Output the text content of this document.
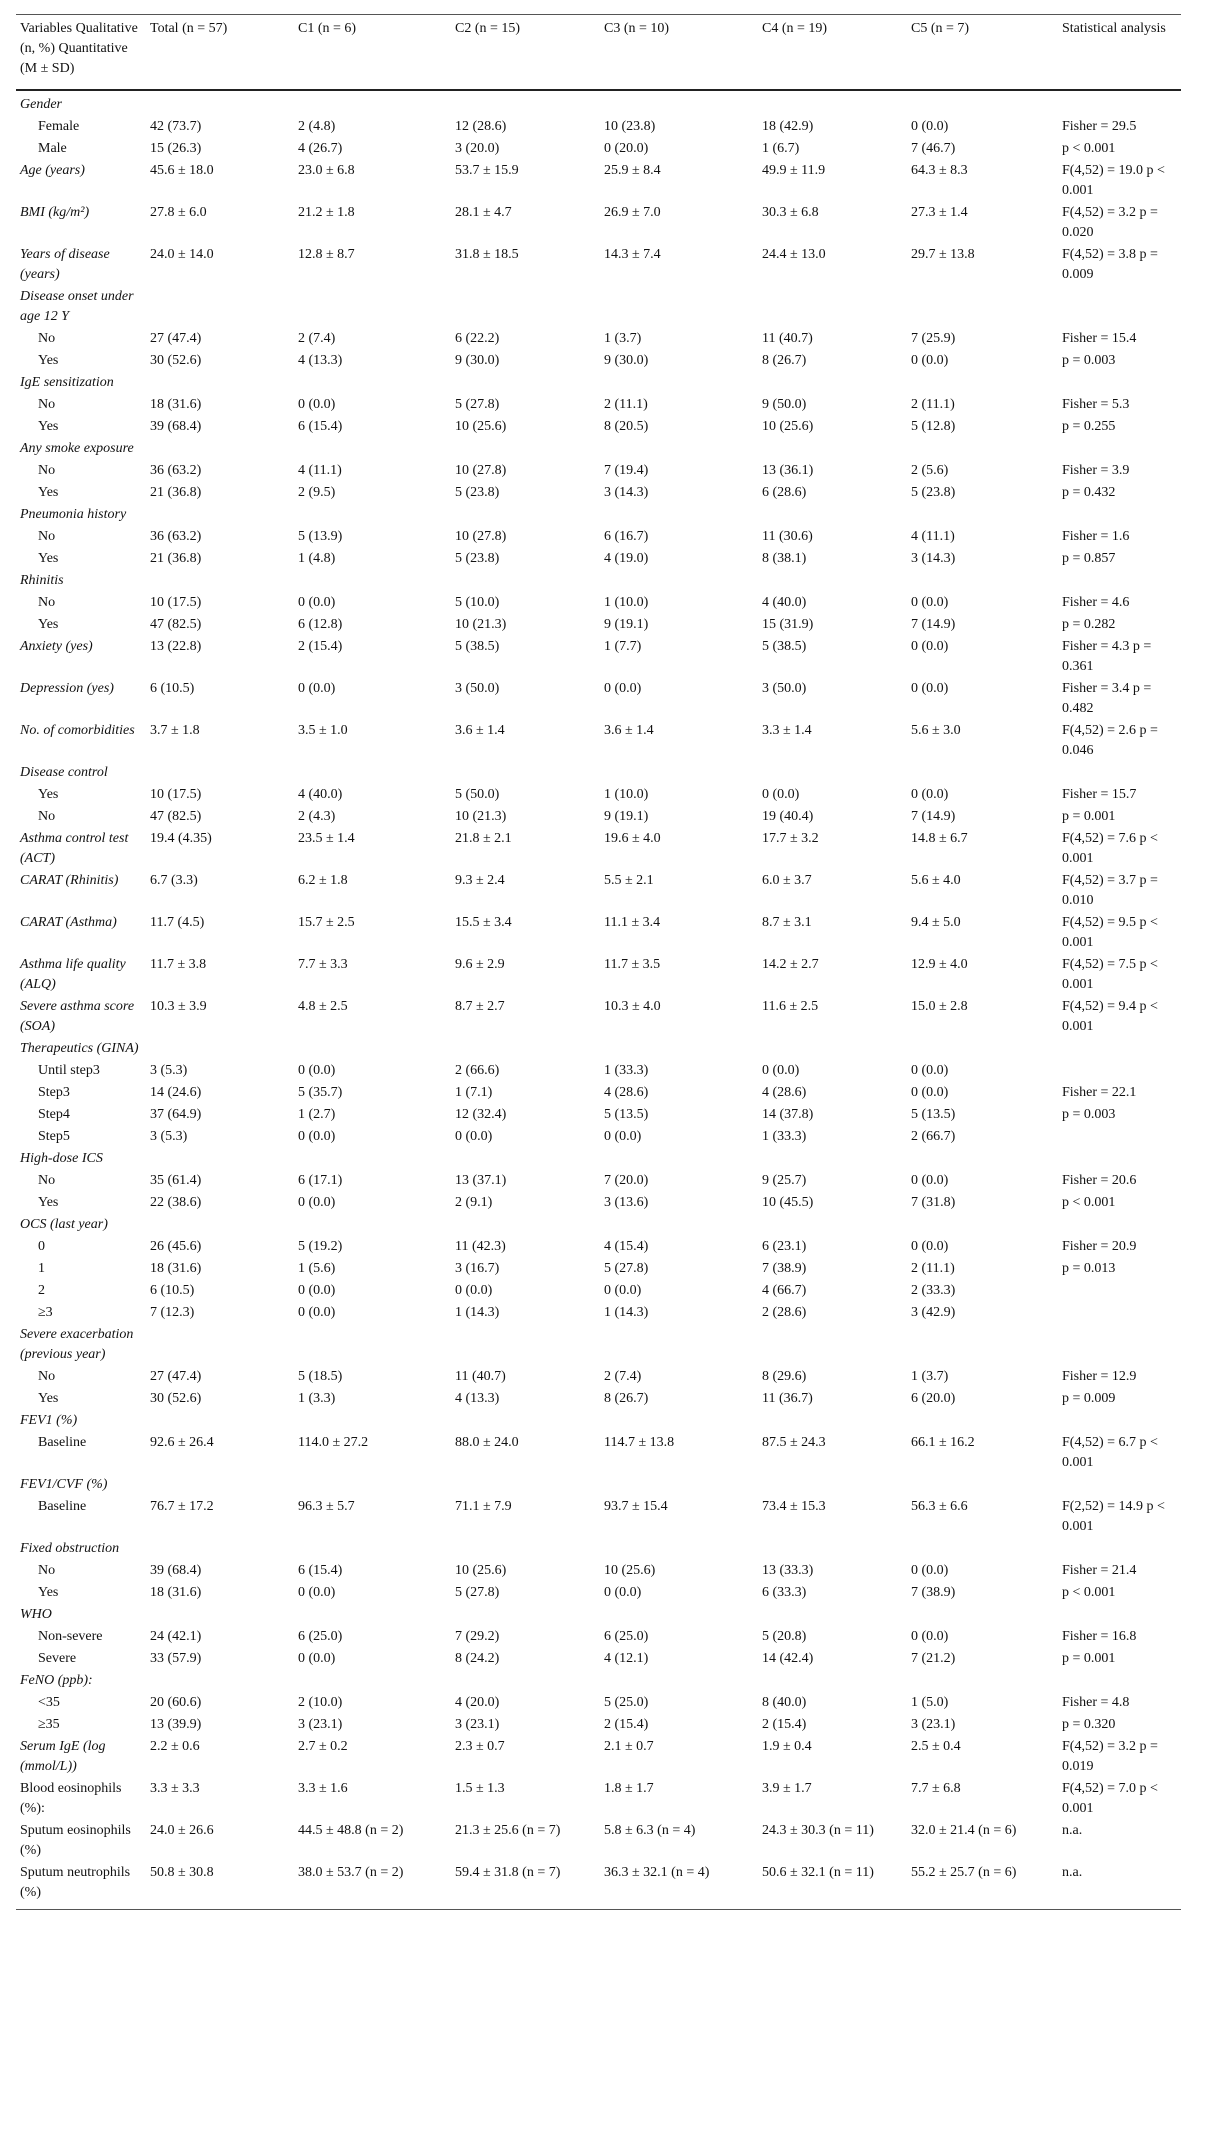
Variables Qualitative (n, %) Quantitative (M ± SD)	Total (n = 57)	C1 (n = 6)	C2 (n = 15)	C3 (n = 10)	C4 (n = 19)	C5 (n = 7)	Statistical analysis
Gender							
Female	42 (73.7)	2 (4.8)	12 (28.6)	10 (23.8)	18 (42.9)	0 (0.0)	Fisher = 29.5
Male	15 (26.3)	4 (26.7)	3 (20.0)	0 (20.0)	1 (6.7)	7 (46.7)	p < 0.001
Age (years)	45.6 ± 18.0	23.0 ± 6.8	53.7 ± 15.9	25.9 ± 8.4	49.9 ± 11.9	64.3 ± 8.3	F(4,52) = 19.0 p < 0.001
BMI (kg/m²)	27.8 ± 6.0	21.2 ± 1.8	28.1 ± 4.7	26.9 ± 7.0	30.3 ± 6.8	27.3 ± 1.4	F(4,52) = 3.2 p = 0.020
Years of disease (years)	24.0 ± 14.0	12.8 ± 8.7	31.8 ± 18.5	14.3 ± 7.4	24.4 ± 13.0	29.7 ± 13.8	F(4,52) = 3.8 p = 0.009
Disease onset under age 12 Y							
No	27 (47.4)	2 (7.4)	6 (22.2)	1 (3.7)	11 (40.7)	7 (25.9)	Fisher = 15.4
Yes	30 (52.6)	4 (13.3)	9 (30.0)	9 (30.0)	8 (26.7)	0 (0.0)	p = 0.003
IgE sensitization							
No	18 (31.6)	0 (0.0)	5 (27.8)	2 (11.1)	9 (50.0)	2 (11.1)	Fisher = 5.3
Yes	39 (68.4)	6 (15.4)	10 (25.6)	8 (20.5)	10 (25.6)	5 (12.8)	p = 0.255
Any smoke exposure							
No	36 (63.2)	4 (11.1)	10 (27.8)	7 (19.4)	13 (36.1)	2 (5.6)	Fisher = 3.9
Yes	21 (36.8)	2 (9.5)	5 (23.8)	3 (14.3)	6 (28.6)	5 (23.8)	p = 0.432
Pneumonia history							
No	36 (63.2)	5 (13.9)	10 (27.8)	6 (16.7)	11 (30.6)	4 (11.1)	Fisher = 1.6
Yes	21 (36.8)	1 (4.8)	5 (23.8)	4 (19.0)	8 (38.1)	3 (14.3)	p = 0.857
Rhinitis							
No	10 (17.5)	0 (0.0)	5 (10.0)	1 (10.0)	4 (40.0)	0 (0.0)	Fisher = 4.6
Yes	47 (82.5)	6 (12.8)	10 (21.3)	9 (19.1)	15 (31.9)	7 (14.9)	p = 0.282
Anxiety (yes)	13 (22.8)	2 (15.4)	5 (38.5)	1 (7.7)	5 (38.5)	0 (0.0)	Fisher = 4.3 p = 0.361
Depression (yes)	6 (10.5)	0 (0.0)	3 (50.0)	0 (0.0)	3 (50.0)	0 (0.0)	Fisher = 3.4 p = 0.482
No. of comorbidities	3.7 ± 1.8	3.5 ± 1.0	3.6 ± 1.4	3.6 ± 1.4	3.3 ± 1.4	5.6 ± 3.0	F(4,52) = 2.6 p = 0.046
Disease control							
Yes	10 (17.5)	4 (40.0)	5 (50.0)	1 (10.0)	0 (0.0)	0 (0.0)	Fisher = 15.7
No	47 (82.5)	2 (4.3)	10 (21.3)	9 (19.1)	19 (40.4)	7 (14.9)	p = 0.001
Asthma control test (ACT)	19.4 (4.35)	23.5 ± 1.4	21.8 ± 2.1	19.6 ± 4.0	17.7 ± 3.2	14.8 ± 6.7	F(4,52) = 7.6 p < 0.001
CARAT (Rhinitis)	6.7 (3.3)	6.2 ± 1.8	9.3 ± 2.4	5.5 ± 2.1	6.0 ± 3.7	5.6 ± 4.0	F(4,52) = 3.7 p = 0.010
CARAT (Asthma)	11.7 (4.5)	15.7 ± 2.5	15.5 ± 3.4	11.1 ± 3.4	8.7 ± 3.1	9.4 ± 5.0	F(4,52) = 9.5 p < 0.001
Asthma life quality (ALQ)	11.7 ± 3.8	7.7 ± 3.3	9.6 ± 2.9	11.7 ± 3.5	14.2 ± 2.7	12.9 ± 4.0	F(4,52) = 7.5 p < 0.001
Severe asthma score (SOA)	10.3 ± 3.9	4.8 ± 2.5	8.7 ± 2.7	10.3 ± 4.0	11.6 ± 2.5	15.0 ± 2.8	F(4,52) = 9.4 p < 0.001
Therapeutics (GINA)							
Until step3	3 (5.3)	0 (0.0)	2 (66.6)	1 (33.3)	0 (0.0)	0 (0.0)	
Step3	14 (24.6)	5 (35.7)	1 (7.1)	4 (28.6)	4 (28.6)	0 (0.0)	Fisher = 22.1
Step4	37 (64.9)	1 (2.7)	12 (32.4)	5 (13.5)	14 (37.8)	5 (13.5)	p = 0.003
Step5	3 (5.3)	0 (0.0)	0 (0.0)	0 (0.0)	1 (33.3)	2 (66.7)	
High-dose ICS							
No	35 (61.4)	6 (17.1)	13 (37.1)	7 (20.0)	9 (25.7)	0 (0.0)	Fisher = 20.6
Yes	22 (38.6)	0 (0.0)	2 (9.1)	3 (13.6)	10 (45.5)	7 (31.8)	p < 0.001
OCS (last year)							
0	26 (45.6)	5 (19.2)	11 (42.3)	4 (15.4)	6 (23.1)	0 (0.0)	Fisher = 20.9
1	18 (31.6)	1 (5.6)	3 (16.7)	5 (27.8)	7 (38.9)	2 (11.1)	p = 0.013
2	6 (10.5)	0 (0.0)	0 (0.0)	0 (0.0)	4 (66.7)	2 (33.3)	
≥3	7 (12.3)	0 (0.0)	1 (14.3)	1 (14.3)	2 (28.6)	3 (42.9)	
Severe exacerbation (previous year)							
No	27 (47.4)	5 (18.5)	11 (40.7)	2 (7.4)	8 (29.6)	1 (3.7)	Fisher = 12.9
Yes	30 (52.6)	1 (3.3)	4 (13.3)	8 (26.7)	11 (36.7)	6 (20.0)	p = 0.009
FEV1 (%)							
Baseline	92.6 ± 26.4	114.0 ± 27.2	88.0 ± 24.0	114.7 ± 13.8	87.5 ± 24.3	66.1 ± 16.2	F(4,52) = 6.7 p < 0.001
FEV1/CVF (%)							
Baseline	76.7 ± 17.2	96.3 ± 5.7	71.1 ± 7.9	93.7 ± 15.4	73.4 ± 15.3	56.3 ± 6.6	F(2,52) = 14.9 p < 0.001
Fixed obstruction							
No	39 (68.4)	6 (15.4)	10 (25.6)	10 (25.6)	13 (33.3)	0 (0.0)	Fisher = 21.4
Yes	18 (31.6)	0 (0.0)	5 (27.8)	0 (0.0)	6 (33.3)	7 (38.9)	p < 0.001
WHO							
Non-severe	24 (42.1)	6 (25.0)	7 (29.2)	6 (25.0)	5 (20.8)	0 (0.0)	Fisher = 16.8
Severe	33 (57.9)	0 (0.0)	8 (24.2)	4 (12.1)	14 (42.4)	7 (21.2)	p = 0.001
FeNO (ppb):							
<35	20 (60.6)	2 (10.0)	4 (20.0)	5 (25.0)	8 (40.0)	1 (5.0)	Fisher = 4.8
≥35	13 (39.9)	3 (23.1)	3 (23.1)	2 (15.4)	2 (15.4)	3 (23.1)	p = 0.320
Serum IgE (log (mmol/L))	2.2 ± 0.6	2.7 ± 0.2	2.3 ± 0.7	2.1 ± 0.7	1.9 ± 0.4	2.5 ± 0.4	F(4,52) = 3.2 p = 0.019
Blood eosinophils (%):	3.3 ± 3.3	3.3 ± 1.6	1.5 ± 1.3	1.8 ± 1.7	3.9 ± 1.7	7.7 ± 6.8	F(4,52) = 7.0 p < 0.001
Sputum eosinophils (%)	24.0 ± 26.6	44.5 ± 48.8 (n = 2)	21.3 ± 25.6 (n = 7)	5.8 ± 6.3 (n = 4)	24.3 ± 30.3 (n = 11)	32.0 ± 21.4 (n = 6)	n.a.
Sputum neutrophils (%)	50.8 ± 30.8	38.0 ± 53.7 (n = 2)	59.4 ± 31.8 (n = 7)	36.3 ± 32.1 (n = 4)	50.6 ± 32.1 (n = 11)	55.2 ± 25.7 (n = 6)	n.a.
